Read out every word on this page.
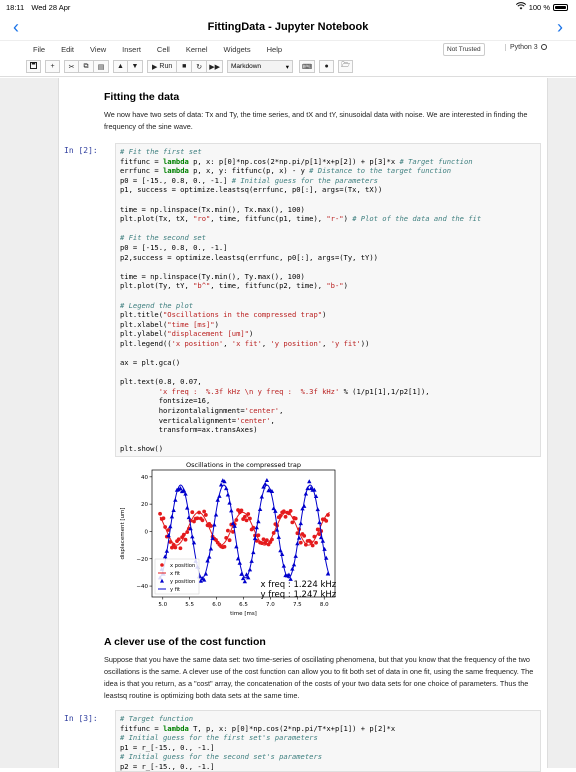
18:11 Wed 28 Apr	100 %
‹	FittingData - Jupyter Notebook	›
File Edit View Insert Cell Kernel Widgets Help	Not Trusted	Python 3
+ ✂ ⧉ ▤ ▲ ▼ ▶ Run ■ ↻ ▶▶ Markdown	▾ ⌨ ● 🗁
Fitting the data
We now have two sets of data: Tx and Ty, the time series, and tX and tY, sinusoidal data with noise. We are interested in finding the frequency of the sine wave.
In [2]:	# Fit the first set
fitfunc = lambda p, x: p[0]*np.cos(2*np.pi/p[1]*x+p[2]) + p[3]*x # Target function
errfunc = lambda p, x, y: fitfunc(p, x) - y # Distance to the target function
p0 = [-15., 0.8, 0., -1.] # Initial guess for the parameters
p1, success = optimize.leastsq(errfunc, p0[:], args=(Tx, tX))
time = np.linspace(Tx.min(), Tx.max(), 100)
plt.plot(Tx, tX, "ro", time, fitfunc(p1, time), "r-") # Plot of the data and the fit
# Fit the second set
p0 = [-15., 0.8, 0., -1.]
p2,success = optimize.leastsq(errfunc, p0[:], args=(Ty, tY))
time = np.linspace(Ty.min(), Ty.max(), 100)
plt.plot(Ty, tY, "b^", time, fitfunc(p2, time), "b-")
# Legend the plot
plt.title("Oscillations in the compressed trap")
plt.xlabel("time [ms]")
plt.ylabel("displacement [um]")
plt.legend(('x position', 'x fit', 'y position', 'y fit'))
ax = plt.gca()
plt.text(0.8, 0.07,
'x freq :  %.3f kHz \n y freq :  %.3f kHz' % (1/p1[1],1/p2[1]),
fontsize=16,
horizontalalignment='center',
verticalalignment='center',
transform=ax.transAxes)
plt.show()
Oscillations in the compressed trap
time [ms]
displacement [um]
5.0	5.5	6.0	6.5	7.0	7.5	8.0
40
20
0
−20
−40
x position
x fit
y position
y fit	x freq : 1.224 kHz
y freq : 1.247 kHz
A clever use of the cost function
Suppose that you have the same data set: two time-series of oscillating phenomena, but that you know that the frequency of the two oscillations is the same. A clever use of the cost function can allow you to fit both set of data in one fit, using the same frequency. The idea is that you return, as a "cost" array, the concatenation of the costs of your two data sets for one choice of parameters. Thus the leastsq routine is optimizing both data sets at the same time.
In [3]:	# Target function
fitfunc = lambda T, p, x: p[0]*np.cos(2*np.pi/T*x+p[1]) + p[2]*x
# Initial guess for the first set's parameters
p1 = r_[-15., 0., -1.]
# Initial guess for the second set's parameters
p2 = r_[-15., 0., -1.]
